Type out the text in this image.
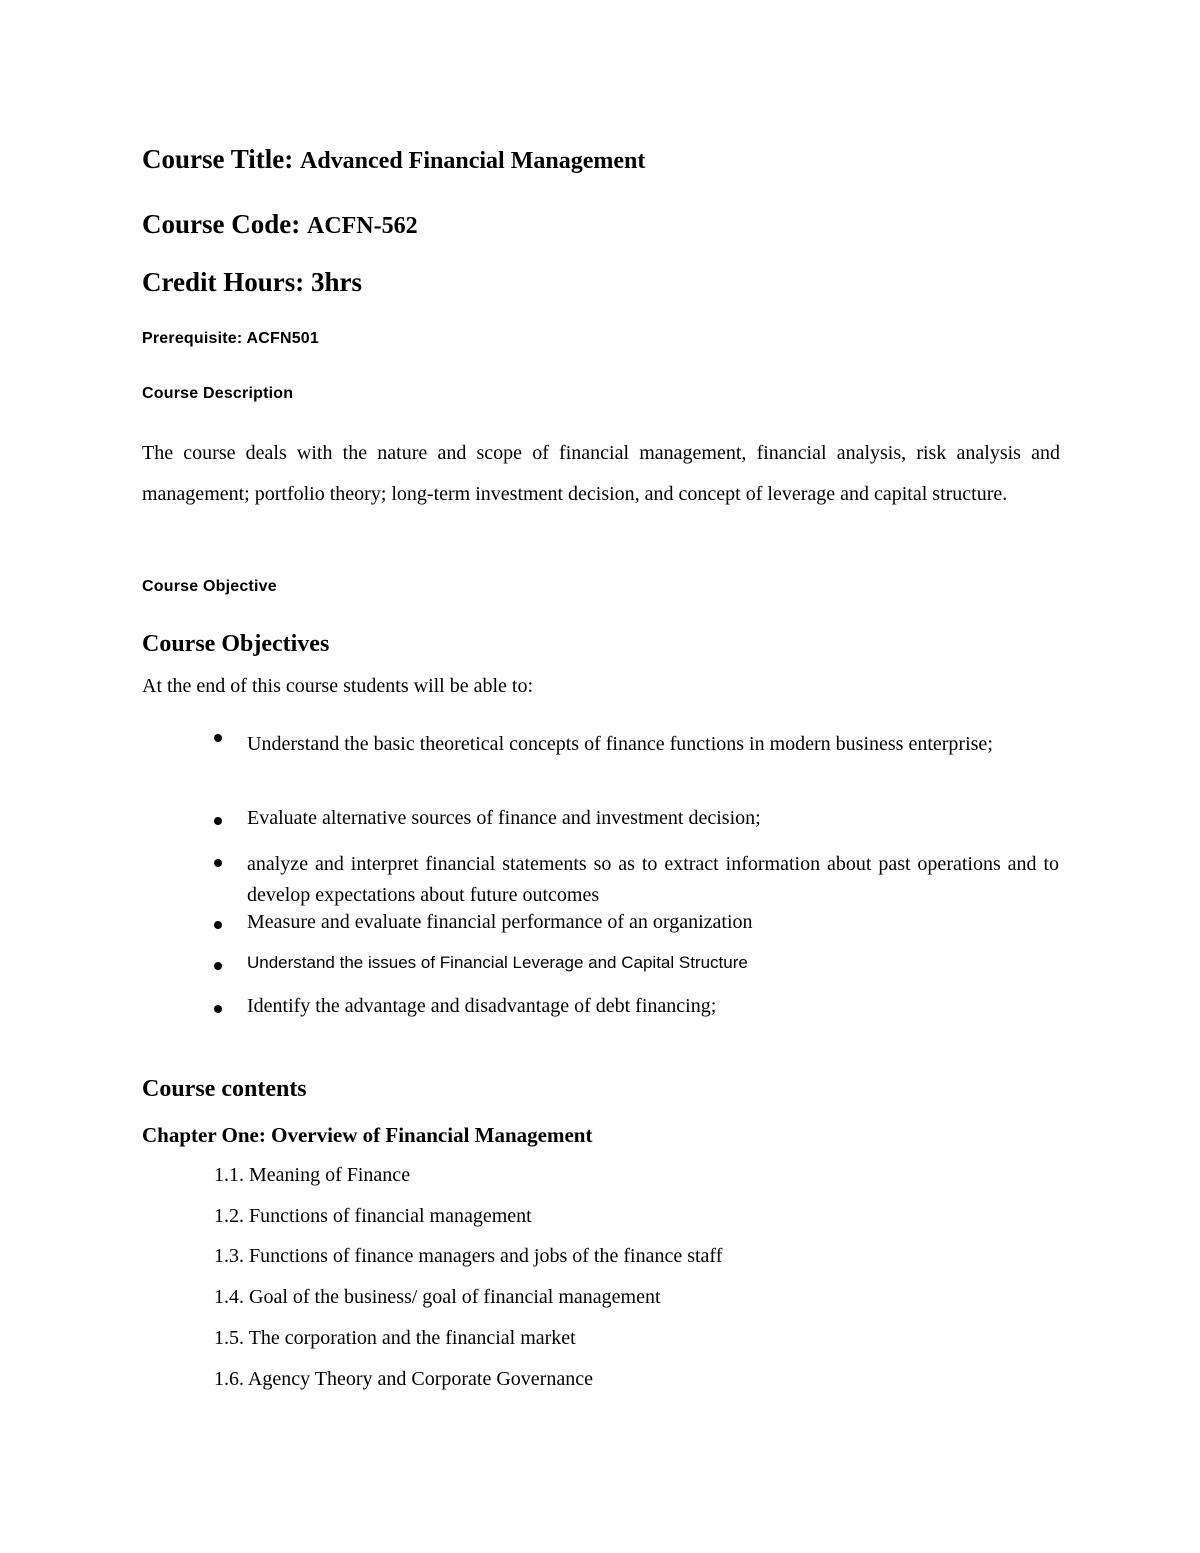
Course Title: Advanced Financial Management
Course Code: ACFN-562
Credit Hours: 3hrs
Prerequisite: ACFN501
Course Description
The course deals with the nature and scope of financial management, financial analysis, risk analysis and management; portfolio theory; long-term investment decision, and concept of leverage and capital structure.
Course Objective
Course Objectives
At the end of this course students will be able to:
Understand the basic theoretical concepts of finance functions in modern business enterprise;
Evaluate alternative sources of finance and investment decision;
analyze and interpret financial statements so as to extract information about past operations and to develop expectations about future outcomes
Measure and evaluate financial performance of an organization
Understand the issues of Financial Leverage and Capital Structure
Identify the advantage and disadvantage of debt financing;
Course contents
Chapter One: Overview of Financial Management
1.1. Meaning of Finance
1.2. Functions of financial management
1.3. Functions of finance managers and jobs of the finance staff
1.4. Goal of the business/ goal of financial management
1.5. The corporation and the financial market
1.6. Agency Theory and Corporate Governance
